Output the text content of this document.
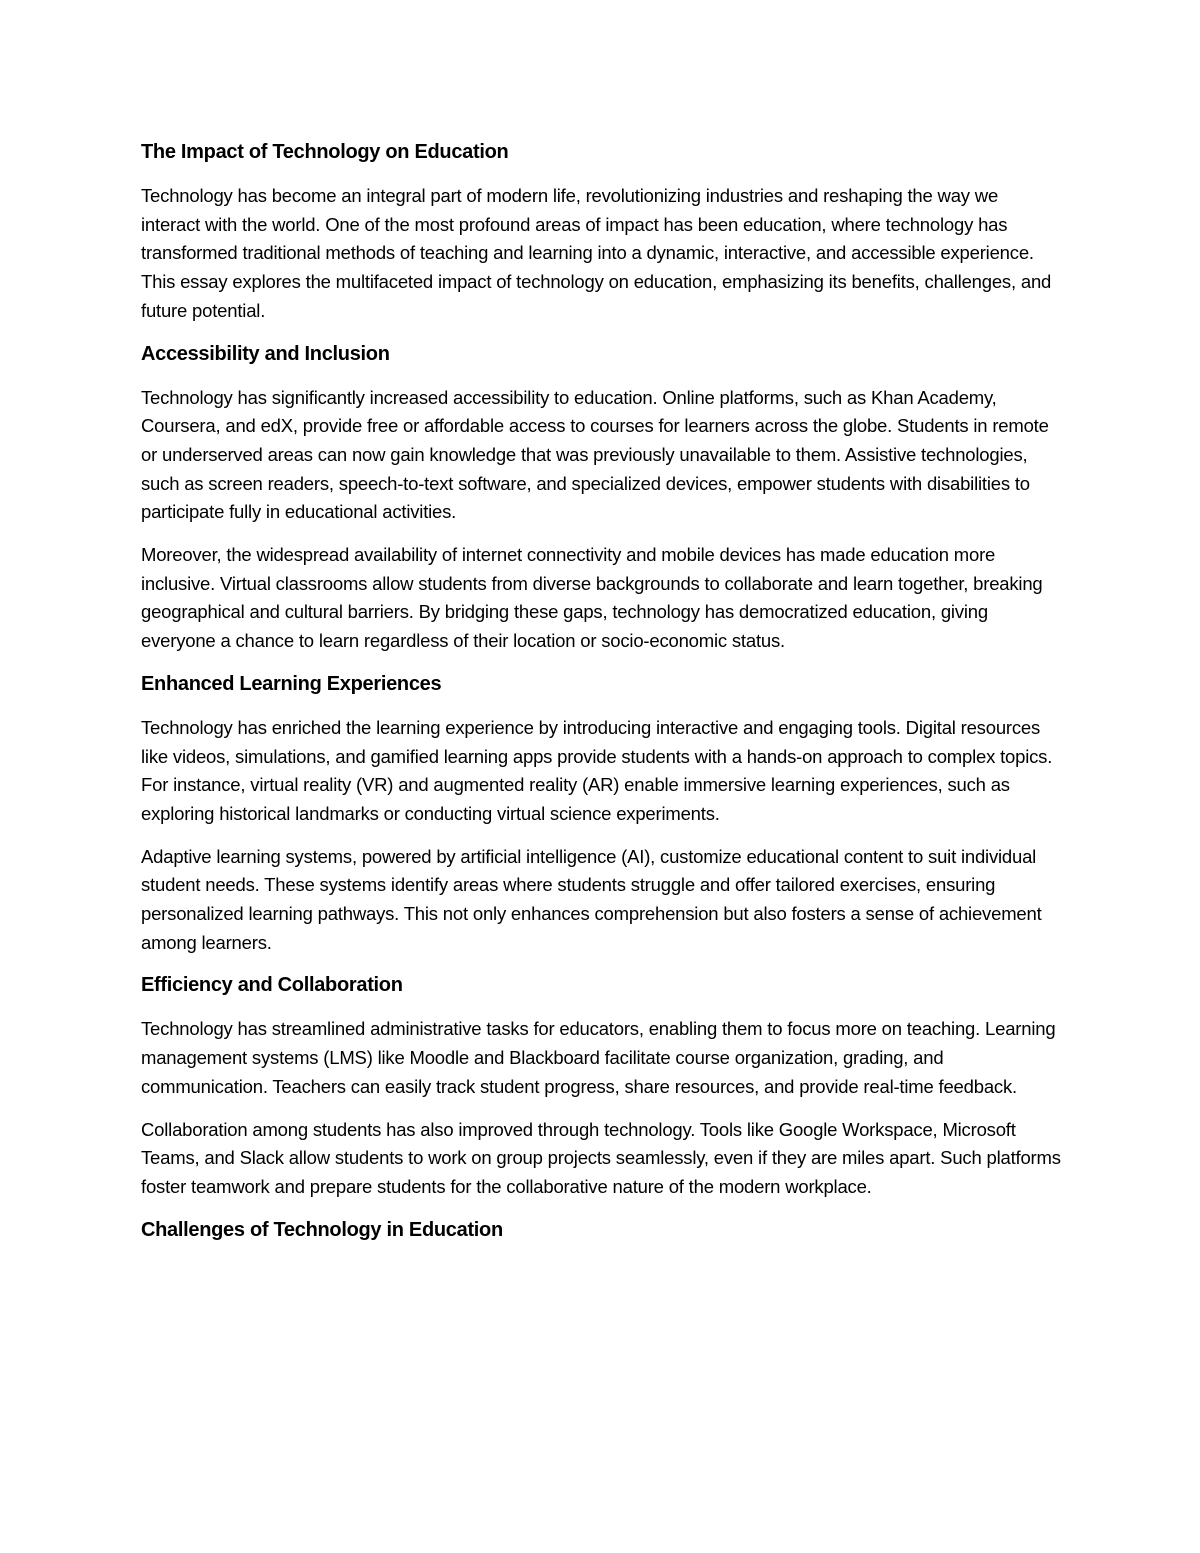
The Impact of Technology on Education

Technology has become an integral part of modern life, revolutionizing industries and reshaping the way we interact with the world. One of the most profound areas of impact has been education, where technology has transformed traditional methods of teaching and learning into a dynamic, interactive, and accessible experience. This essay explores the multifaceted impact of technology on education, emphasizing its benefits, challenges, and future potential.

Accessibility and Inclusion

Technology has significantly increased accessibility to education. Online platforms, such as Khan Academy, Coursera, and edX, provide free or affordable access to courses for learners across the globe. Students in remote or underserved areas can now gain knowledge that was previously unavailable to them. Assistive technologies, such as screen readers, speech-to-text software, and specialized devices, empower students with disabilities to participate fully in educational activities.

Moreover, the widespread availability of internet connectivity and mobile devices has made education more inclusive. Virtual classrooms allow students from diverse backgrounds to collaborate and learn together, breaking geographical and cultural barriers. By bridging these gaps, technology has democratized education, giving everyone a chance to learn regardless of their location or socio-economic status.

Enhanced Learning Experiences

Technology has enriched the learning experience by introducing interactive and engaging tools. Digital resources like videos, simulations, and gamified learning apps provide students with a hands-on approach to complex topics. For instance, virtual reality (VR) and augmented reality (AR) enable immersive learning experiences, such as exploring historical landmarks or conducting virtual science experiments.

Adaptive learning systems, powered by artificial intelligence (AI), customize educational content to suit individual student needs. These systems identify areas where students struggle and offer tailored exercises, ensuring personalized learning pathways. This not only enhances comprehension but also fosters a sense of achievement among learners.

Efficiency and Collaboration

Technology has streamlined administrative tasks for educators, enabling them to focus more on teaching. Learning management systems (LMS) like Moodle and Blackboard facilitate course organization, grading, and communication. Teachers can easily track student progress, share resources, and provide real-time feedback.

Collaboration among students has also improved through technology. Tools like Google Workspace, Microsoft Teams, and Slack allow students to work on group projects seamlessly, even if they are miles apart. Such platforms foster teamwork and prepare students for the collaborative nature of the modern workplace.

Challenges of Technology in Education
